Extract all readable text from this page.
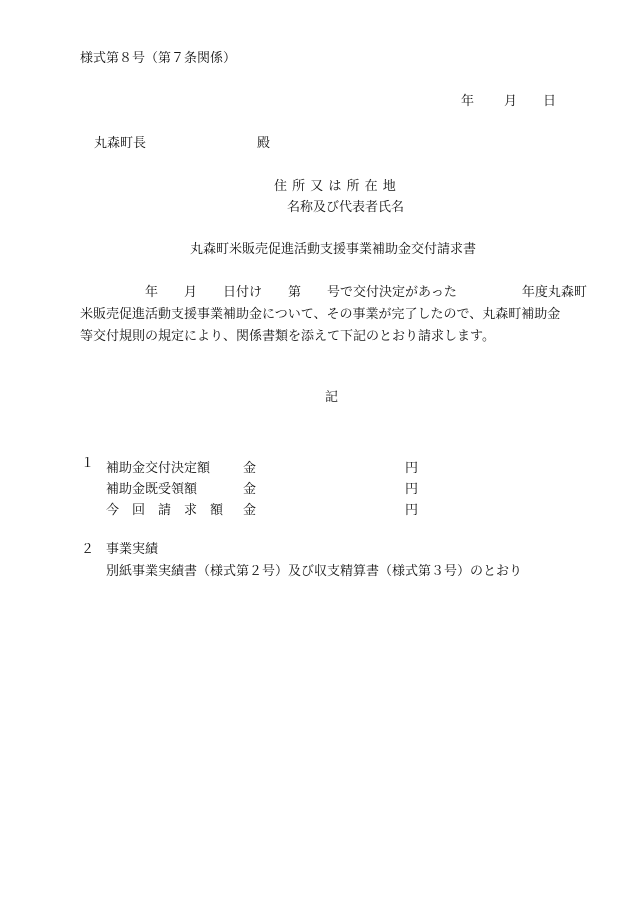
様式第８号（第７条関係）
年 月 日
丸森町長	殿
住 所 又 は 所 在 地
名称及び代表者氏名
丸森町米販売促進活動支援事業補助金交付請求書
　　　　　年　　月　　日付け　　第　　号で交付決定があった　　　　　年度丸森町
米販売促進活動支援事業補助金について、その事業が完了したので、丸森町補助金
等交付規則の規定により、関係書類を添えて下記のとおり請求します。
記
１ 補助金交付決定額	金	円
補助金既受領額	金	円
今　回　請　求　額 金	円
２ 事業実績
別紙事業実績書（様式第２号）及び収支精算書（様式第３号）のとおり
